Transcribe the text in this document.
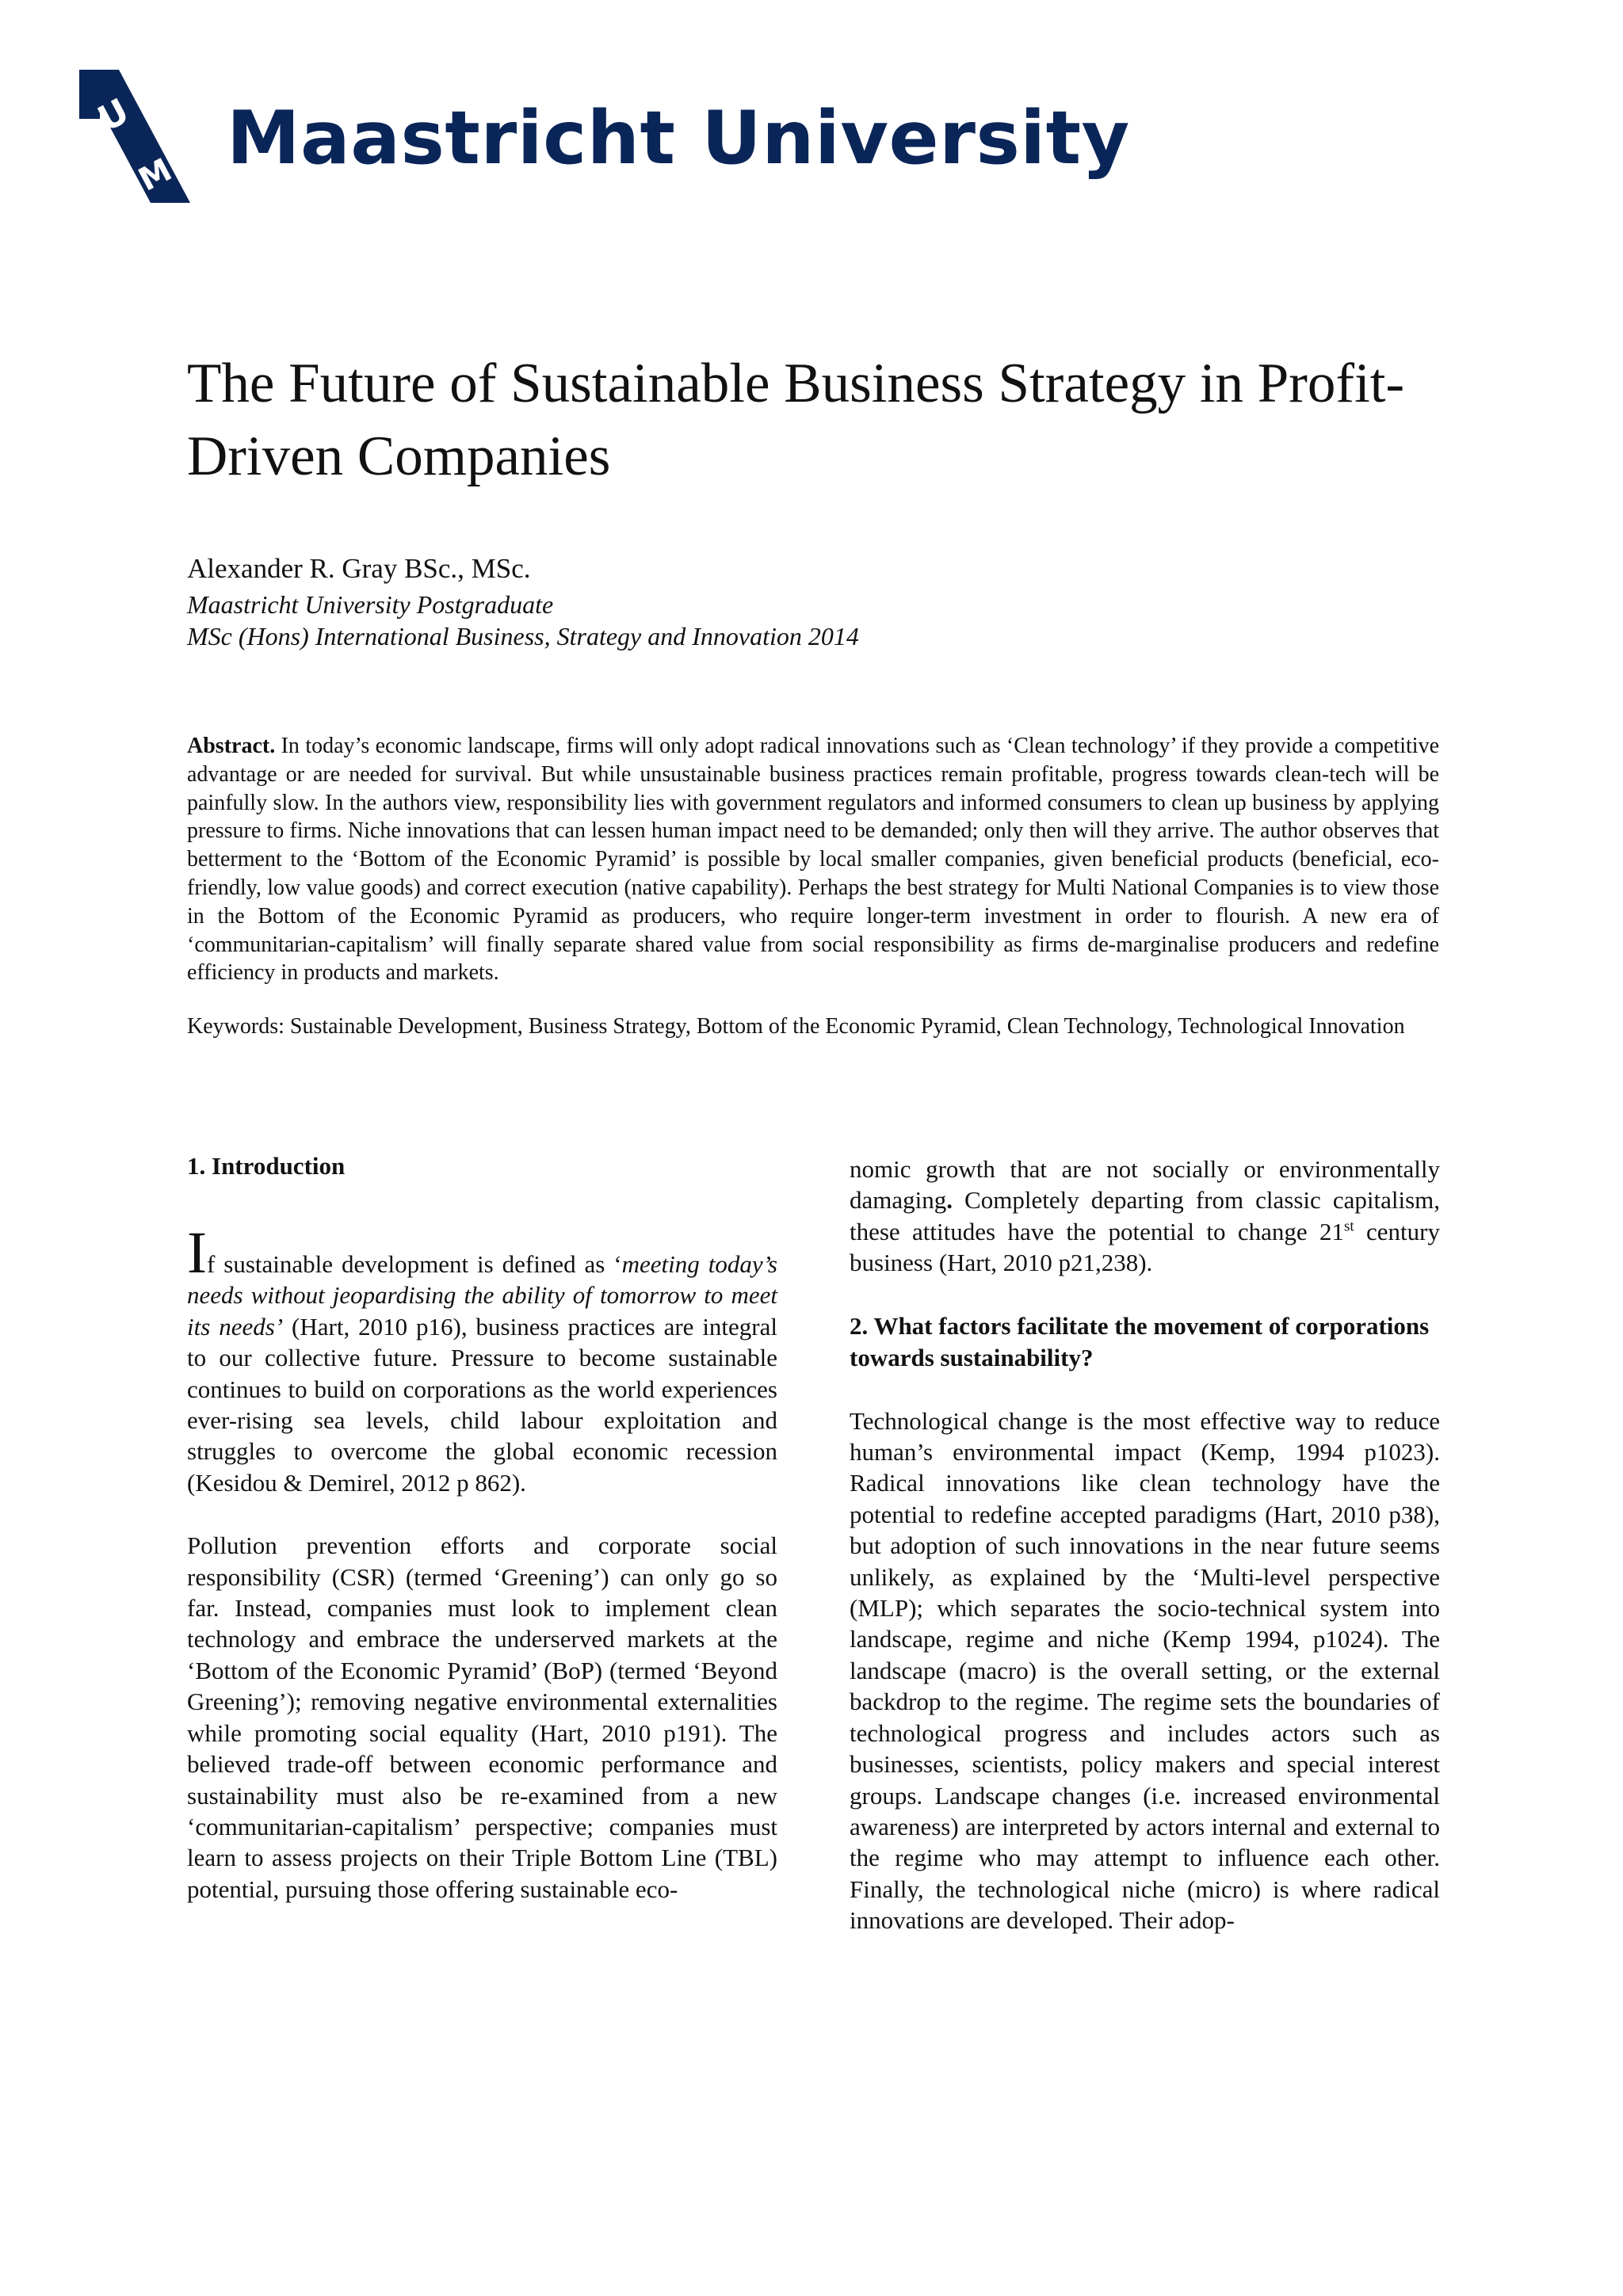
U
M Maastricht University
The Future of Sustainable Business Strategy in Profit-Driven Companies
Alexander R. Gray BSc., MSc.
Maastricht University Postgraduate
MSc (Hons) International Business, Strategy and Innovation 2014

Abstract. In today’s economic landscape, firms will only adopt radical innovations such as ‘Clean technology’ if they provide a competitive advantage or are needed for survival. But while unsustainable business practices remain profitable, progress towards clean-tech will be painfully slow. In the authors view, responsibility lies with government regulators and informed consumers to clean up business by applying pressure to firms. Niche innovations that can lessen human impact need to be demanded; only then will they arrive. The author observes that betterment to the ‘Bottom of the Economic Pyramid’ is possible by local smaller companies, given beneficial products (beneficial, eco-friendly, low value goods) and correct execution (native capability). Perhaps the best strategy for Multi National Companies is to view those in the Bottom of the Economic Pyramid as producers, who require longer-term investment in order to flourish. A new era of ‘communitarian-capitalism’ will finally separate shared value from social responsibility as firms de-marginalise producers and redefine efficiency in products and markets.

Keywords: Sustainable Development, Business Strategy, Bottom of the Economic Pyramid, Clean Technology, Technological Innovation

1. Introduction

If sustainable development is defined as ‘meeting today’s needs without jeopardising the ability of tomorrow to meet its needs’ (Hart, 2010 p16), business practices are integral to our collective future. Pressure to become sustainable continues to build on corporations as the world experiences ever-rising sea levels, child labour exploitation and struggles to overcome the global economic recession (Kesidou & Demirel, 2012 p 862).

Pollution prevention efforts and corporate social responsibility (CSR) (termed ‘Greening’) can only go so far. Instead, companies must look to implement clean technology and embrace the underserved markets at the ‘Bottom of the Economic Pyramid’ (BoP) (termed ‘Beyond Greening’); removing negative environmental externalities while promoting social equality (Hart, 2010 p191). The believed trade-off between economic performance and sustainability must also be re-examined from a new ‘communitarian-capitalism’ perspective; companies must learn to assess projects on their Triple Bottom Line (TBL) potential, pursuing those offering sustainable eco-

nomic growth that are not socially or environmentally damaging. Completely departing from classic capitalism, these attitudes have the potential to change 21st century business (Hart, 2010 p21,238).

2. What factors facilitate the movement of corporations towards sustainability?

Technological change is the most effective way to reduce human’s environmental impact (Kemp, 1994 p1023). Radical innovations like clean technology have the potential to redefine accepted paradigms (Hart, 2010 p38), but adoption of such innovations in the near future seems unlikely, as explained by the ‘Multi-level perspective (MLP); which separates the socio-technical system into landscape, regime and niche (Kemp 1994, p1024). The landscape (macro) is the overall setting, or the external backdrop to the regime. The regime sets the boundaries of technological progress and includes actors such as businesses, scientists, policy makers and special interest groups. Landscape changes (i.e. increased environmental awareness) are interpreted by actors internal and external to the regime who may attempt to influence each other. Finally, the technological niche (micro) is where radical innovations are developed. Their adop-
